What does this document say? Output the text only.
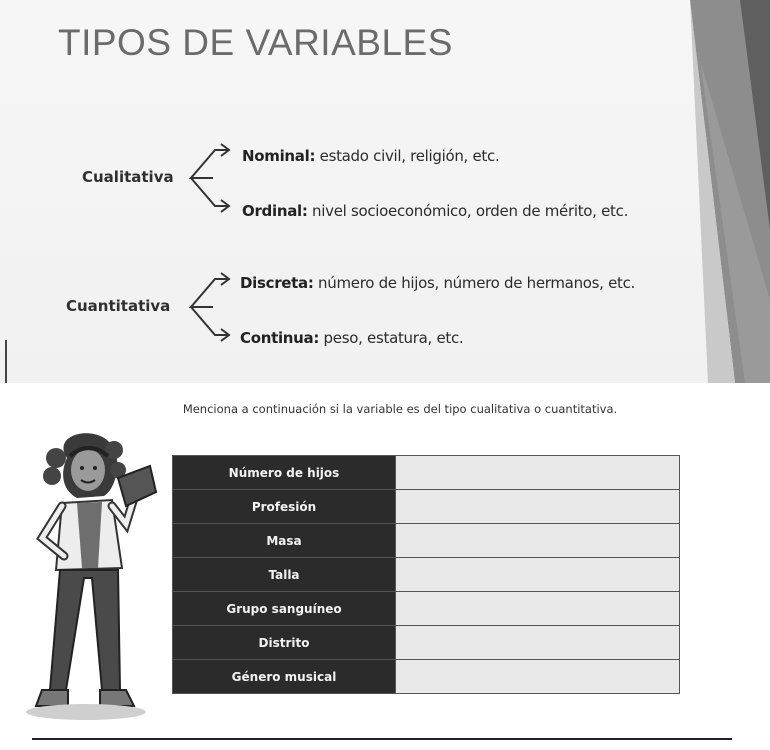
TIPOS DE VARIABLES
Cualitativa
Nominal: estado civil, religión, etc.
Ordinal: nivel socioeconómico, orden de mérito, etc.
Cuantitativa
Discreta: número de hijos, número de hermanos, etc.
Continua: peso, estatura, etc.
Menciona a continuación si la variable es del tipo cualitativa o cuantitativa.
Número de hijos	
Profesión	
Masa	
Talla	
Grupo sanguíneo	
Distrito	
Género musical	
